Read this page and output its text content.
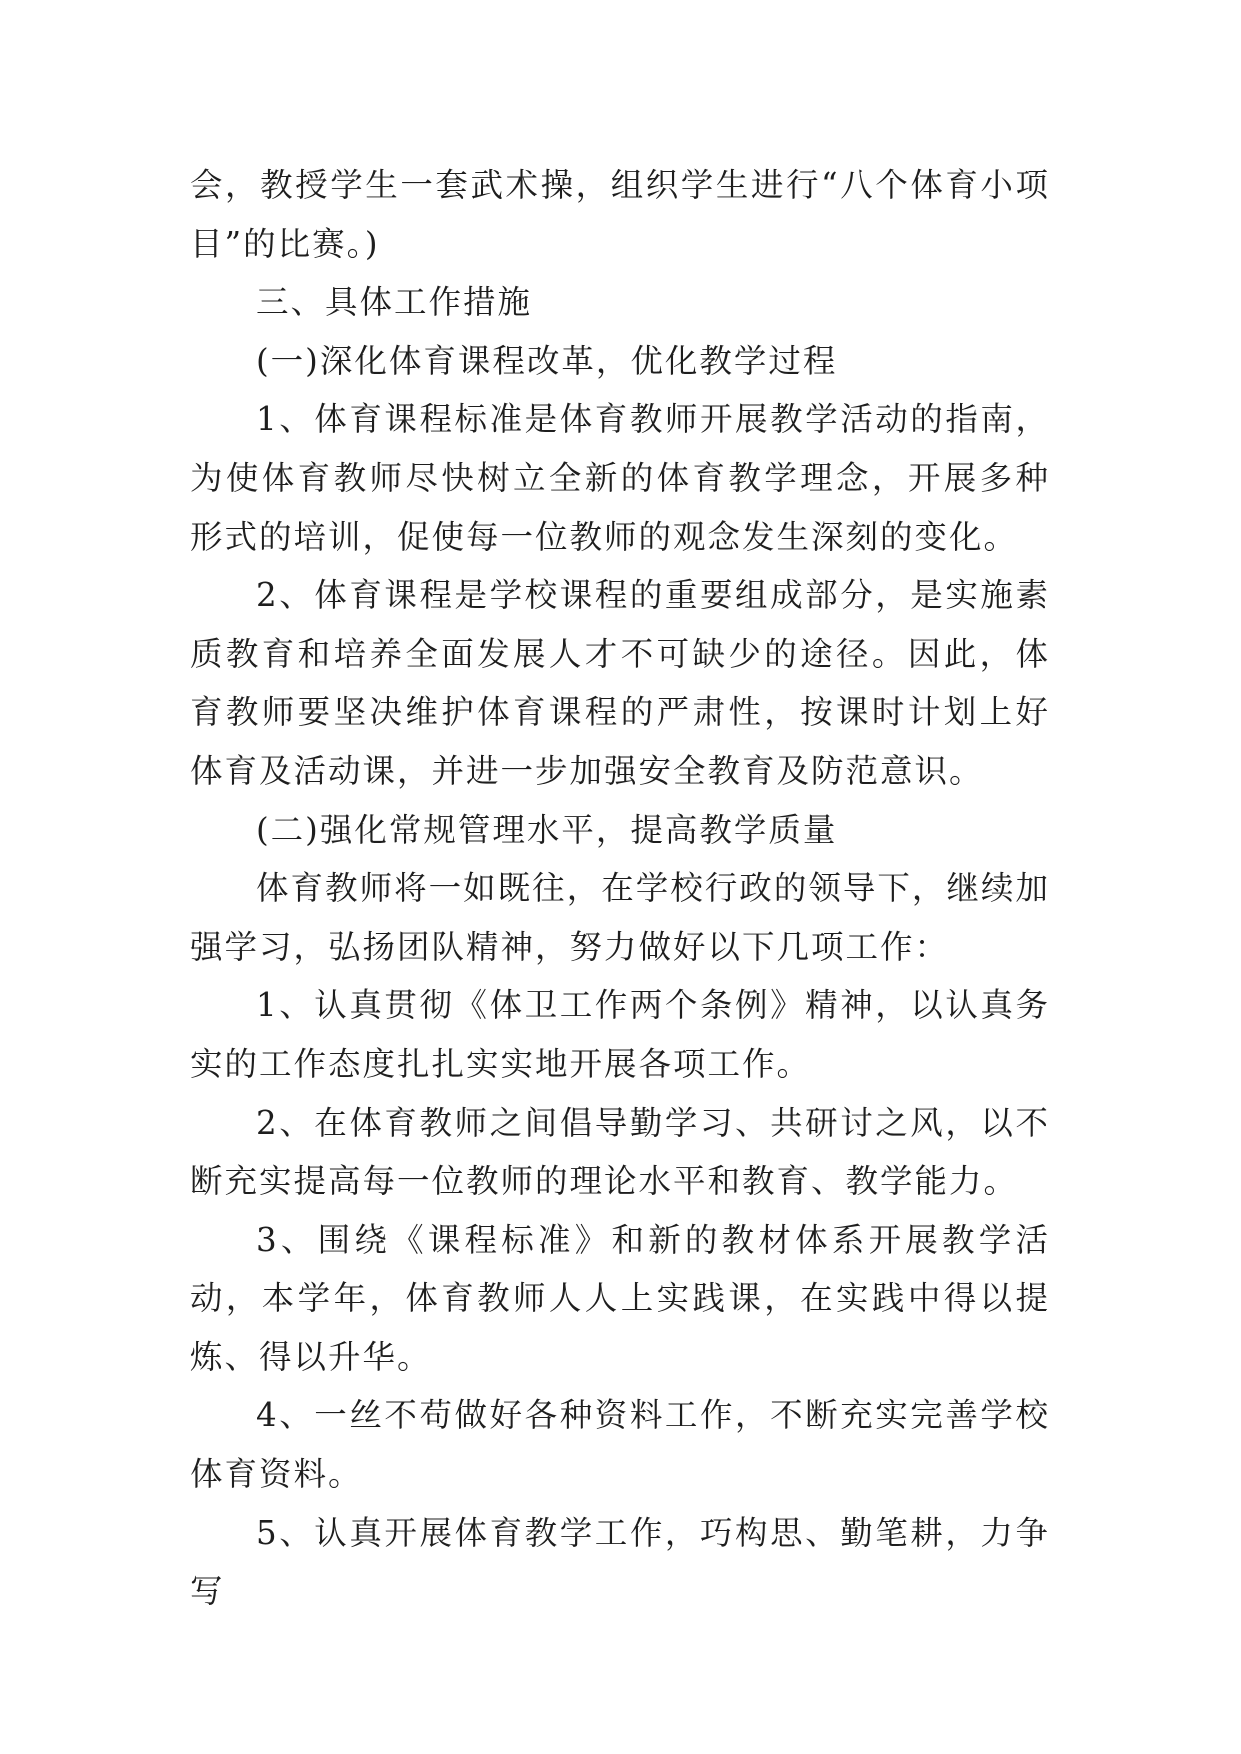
会，教授学生一套武术操，组织学生进行“八个体育小项目”的比赛。)

三、具体工作措施

(一)深化体育课程改革，优化教学过程

1、体育课程标准是体育教师开展教学活动的指南，为使体育教师尽快树立全新的体育教学理念，开展多种形式的培训，促使每一位教师的观念发生深刻的变化。

2、体育课程是学校课程的重要组成部分，是实施素质教育和培养全面发展人才不可缺少的途径。因此，体育教师要坚决维护体育课程的严肃性，按课时计划上好体育及活动课，并进一步加强安全教育及防范意识。

(二)强化常规管理水平，提高教学质量

体育教师将一如既往，在学校行政的领导下，继续加强学习，弘扬团队精神，努力做好以下几项工作：

1、认真贯彻《体卫工作两个条例》精神，以认真务实的工作态度扎扎实实地开展各项工作。

2、在体育教师之间倡导勤学习、共研讨之风，以不断充实提高每一位教师的理论水平和教育、教学能力。

3、围绕《课程标准》和新的教材体系开展教学活动，本学年，体育教师人人上实践课，在实践中得以提炼、得以升华。

4、一丝不苟做好各种资料工作，不断充实完善学校体育资料。

5、认真开展体育教学工作，巧构思、勤笔耕，力争写
